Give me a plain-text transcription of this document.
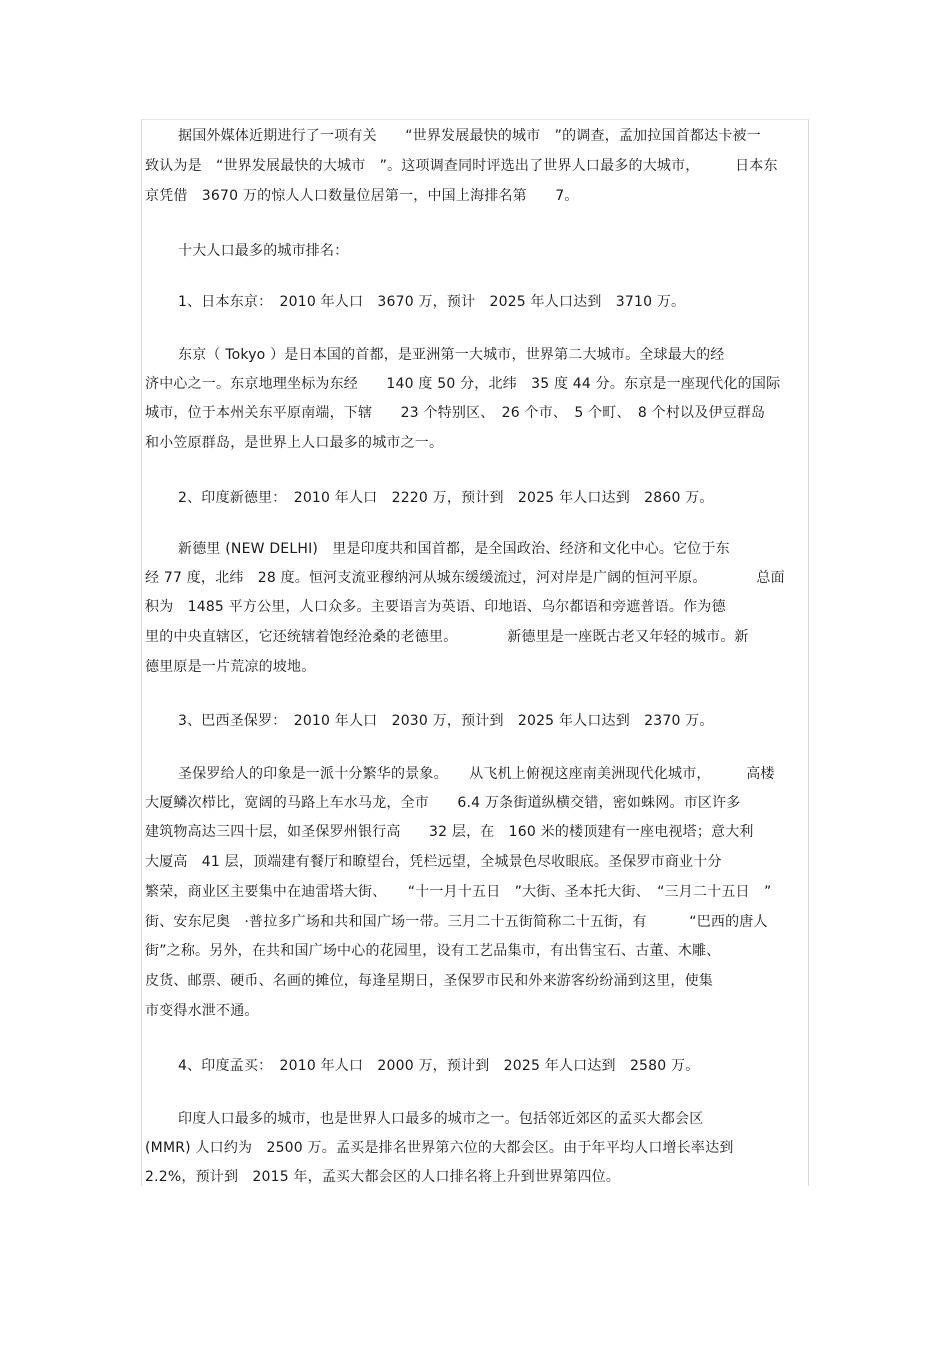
据国外媒体近期进行了一项有关　　“世界发展最快的城市　”的调查，孟加拉国首都达卡被一
致认为是　“世界发展最快的大城市　”。这项调查同时评选出了世界人口最多的大城市，　　　日本东
京凭借　3670 万的惊人人口数量位居第一，中国上海排名第　　7。
十大人口最多的城市排名：
1、日本东京：　2010 年人口　3670 万，预计　2025 年人口达到　3710 万。
东京（ Tokyo ）是日本国的首都，是亚洲第一大城市，世界第二大城市。全球最大的经
济中心之一。东京地理坐标为东经　　140 度 50 分，北纬　35 度 44 分。东京是一座现代化的国际
城市，位于本州关东平原南端，下辖　　23 个特别区、　26 个市、　5 个町、　8 个村以及伊豆群岛
和小笠原群岛，是世界上人口最多的城市之一。
2、印度新德里：　2010 年人口　2220 万，预计到　2025 年人口达到　2860 万。
新德里 (NEW DELHI)　里是印度共和国首都，是全国政治、经济和文化中心。它位于东
经 77 度，北纬　28 度。恒河支流亚穆纳河从城东缓缓流过，河对岸是广阔的恒河平原。　　　　总面
积为　1485 平方公里，人口众多。主要语言为英语、印地语、乌尔都语和旁遮普语。作为德
里的中央直辖区，它还统辖着饱经沧桑的老德里。　　　　新德里是一座既古老又年轻的城市。新
德里原是一片荒凉的坡地。
3、巴西圣保罗：　2010 年人口　2030 万，预计到　2025 年人口达到　2370 万。
圣保罗给人的印象是一派十分繁华的景象。　　从飞机上俯视这座南美洲现代化城市，　　　高楼
大厦鳞次栉比，宽阔的马路上车水马龙，全市　　6.4 万条街道纵横交错，密如蛛网。市区许多
建筑物高达三四十层，如圣保罗州银行高　　32 层，在　160 米的楼顶建有一座电视塔；意大利
大厦高　41 层，顶端建有餐厅和瞭望台，凭栏远望，全城景色尽收眼底。圣保罗市商业十分
繁荣，商业区主要集中在迪雷塔大街、　　“十一月十五日　”大街、圣本托大街、　“三月二十五日　”
街、安东尼奥　·普拉多广场和共和国广场一带。三月二十五街简称二十五街，有　　　“巴西的唐人
街”之称。另外，在共和国广场中心的花园里，设有工艺品集市，有出售宝石、古董、木雕、
皮货、邮票、硬币、名画的摊位，每逢星期日，圣保罗市民和外来游客纷纷涌到这里，使集
市变得水泄不通。
4、印度孟买：　2010 年人口　2000 万，预计到　2025 年人口达到　2580 万。
印度人口最多的城市，也是世界人口最多的城市之一。包括邻近郊区的孟买大都会区
(MMR) 人口约为　2500 万。孟买是排名世界第六位的大都会区。由于年平均人口增长率达到
2.2%，预计到　2015 年，孟买大都会区的人口排名将上升到世界第四位。
